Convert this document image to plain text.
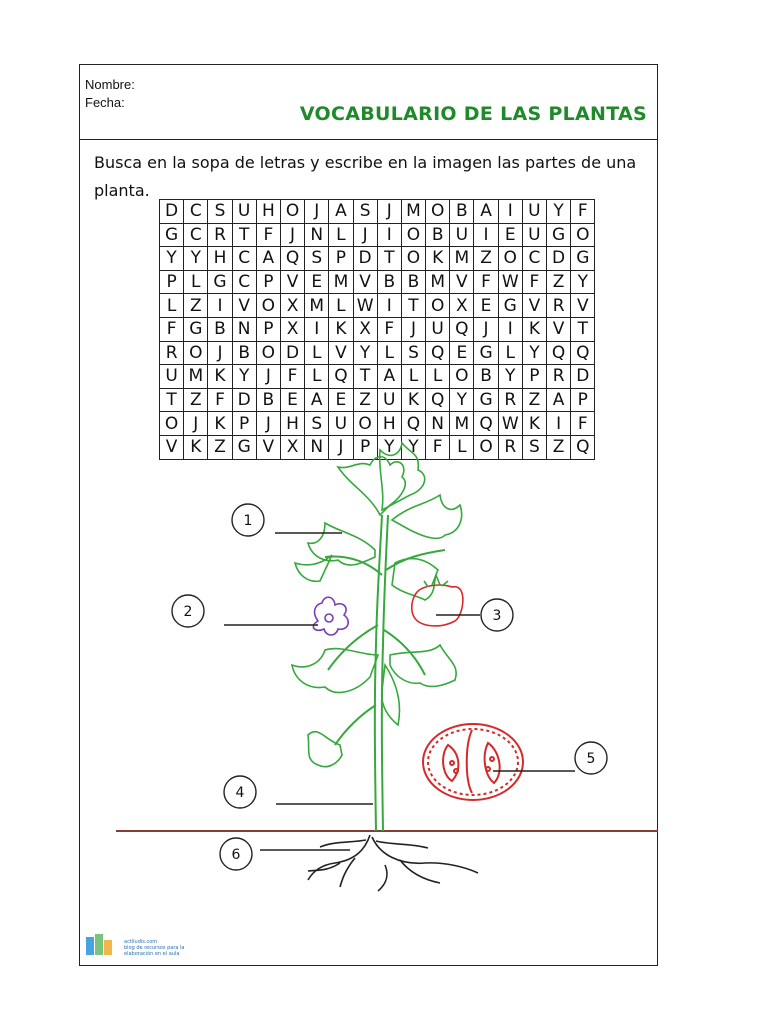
Nombre:
Fecha:
VOCABULARIO DE LAS PLANTAS
Busca en la sopa de letras y escribe en la imagen las partes de una planta.
D C S U H O J A S J M O B A I U Y F
G C R T F J N L J	I O B U I E U G O
Y Y H C A Q S P D T O K M Z O C D G
P L G C P V E M V B B M V F W F Z Y
L Z I V O X M L W I T O X E G V R V
F G B N P X I K X F J U Q J	I K V T
R O J B O D L V Y L S Q E G L Y Q Q
U M K Y J F L Q T A L L O B Y P R D
T Z F D B E A E Z U K Q Y G R Z A P
O J K P J H S U O H Q N M Q W K I F
V K Z G V X N J P Y Y F L O R S Z Q
1
2	3
4
5
6
actiludis.com
blog de recursos para la elaboración en el aula
